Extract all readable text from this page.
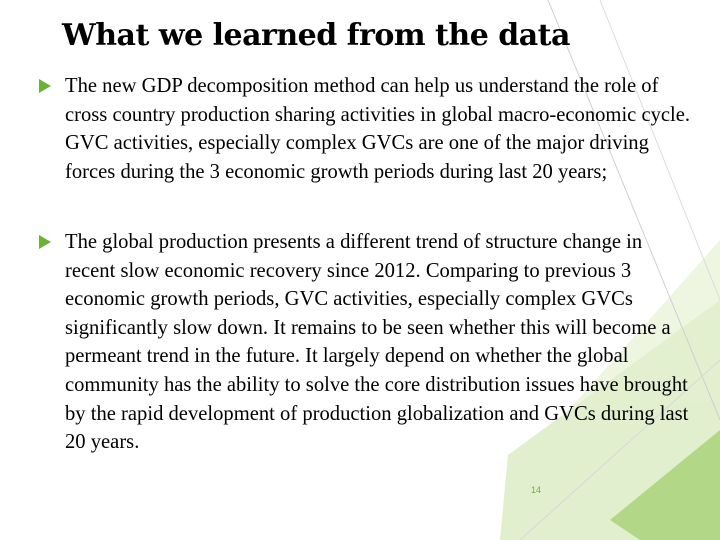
What we learned from the data
The new GDP decomposition method can help us understand the role of cross country production sharing activities in global macro-economic cycle. GVC activities, especially complex GVCs are one of the major driving forces during the 3 economic growth periods during last 20 years;
The global production presents a different trend of structure change in recent slow economic recovery since 2012. Comparing to previous 3 economic growth periods, GVC activities, especially complex GVCs significantly slow down. It remains to be seen whether this will become a permeant trend in the future. It largely depend on whether the global community has the ability to solve the core distribution issues have brought by the rapid development of production globalization and GVCs during last 20 years.
14
